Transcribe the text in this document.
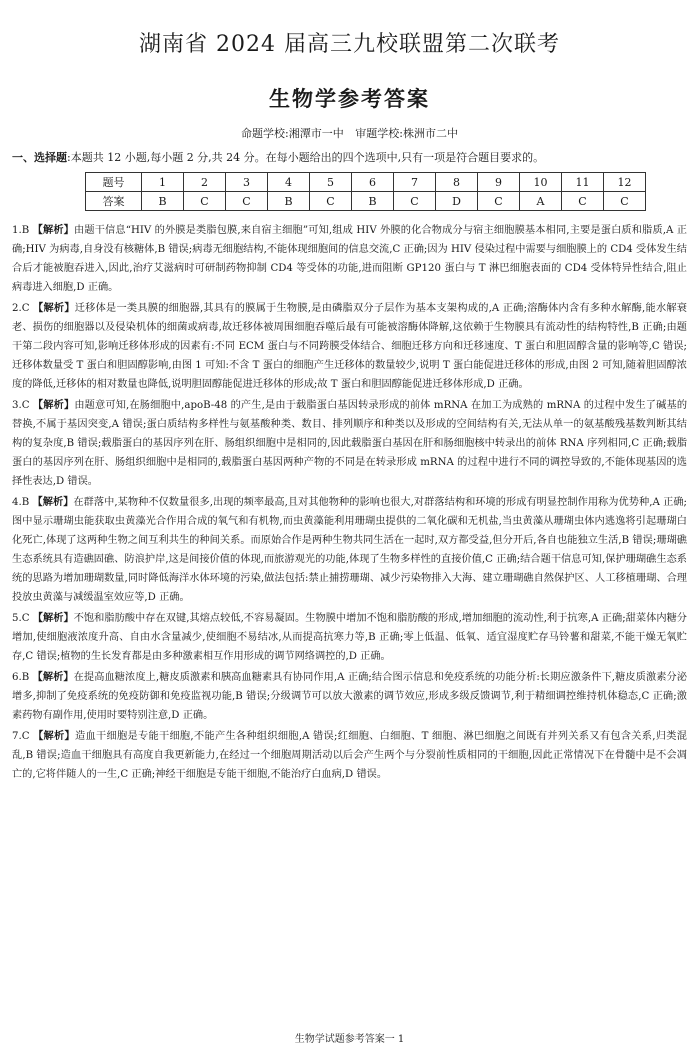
湖南省 2024 届高三九校联盟第二次联考
生物学参考答案
命题学校:湘潭市一中 审题学校:株洲市二中
一、选择题:本题共 12 小题,每小题 2 分,共 24 分。在每小题给出的四个选项中,只有一项是符合题目要求的。
题号	1	2	3	4	5	6	7	8	9	10	11	12
答案	B	C	C	B	C	B	C	D	C	A	C	C
1.B 【解析】由题干信息“HIV 的外膜是类脂包膜,来自宿主细胞”可知,组成 HIV 外膜的化合物成分与宿主细胞膜基本相同,主要是蛋白质和脂质,A 正确;HIV 为病毒,自身没有核糖体,B 错误;病毒无细胞结构,不能体现细胞间的信息交流,C 正确;因为 HIV 侵染过程中需要与细胞膜上的 CD4 受体发生结合后才能被胞吞进入,因此,治疗艾滋病时可研制药物抑制 CD4 等受体的功能,进而阻断 GP120 蛋白与 T 淋巴细胞表面的 CD4 受体特异性结合,阻止病毒进入细胞,D 正确。
2.C 【解析】迁移体是一类具膜的细胞器,其具有的膜属于生物膜,是由磷脂双分子层作为基本支架构成的,A 正确;溶酶体内含有多种水解酶,能水解衰老、损伤的细胞器以及侵染机体的细菌或病毒,故迁移体被周围细胞吞噬后最有可能被溶酶体降解,这依赖于生物膜具有流动性的结构特性,B 正确;由题干第二段内容可知,影响迁移体形成的因素有:不同 ECM 蛋白与不同跨膜受体结合、细胞迁移方向和迁移速度、T 蛋白和胆固醇含量的影响等,C 错误;迁移体数量受 T 蛋白和胆固醇影响,由图 1 可知:不含 T 蛋白的细胞产生迁移体的数量较少,说明 T 蛋白能促进迁移体的形成,由图 2 可知,随着胆固醇浓度的降低,迁移体的相对数量也降低,说明胆固醇能促进迁移体的形成;故 T 蛋白和胆固醇能促进迁移体形成,D 正确。
3.C 【解析】由题意可知,在肠细胞中,apoB-48 的产生,是由于载脂蛋白基因转录形成的前体 mRNA 在加工为成熟的 mRNA 的过程中发生了碱基的替换,不属于基因突变,A 错误;蛋白质结构多样性与氨基酸种类、数目、排列顺序和种类以及形成的空间结构有关,无法从单一的氨基酸残基数判断其结构的复杂度,B 错误;载脂蛋白的基因序列在肝、肠组织细胞中是相同的,因此载脂蛋白基因在肝和肠细胞核中转录出的前体 RNA 序列相同,C 正确;载脂蛋白的基因序列在肝、肠组织细胞中是相同的,载脂蛋白基因两种产物的不同是在转录形成 mRNA 的过程中进行不同的调控导致的,不能体现基因的选择性表达,D 错误。
4.B 【解析】在群落中,某物种不仅数量很多,出现的频率最高,且对其他物种的影响也很大,对群落结构和环境的形成有明显控制作用称为优势种,A 正确;图中显示珊瑚虫能获取虫黄藻光合作用合成的氧气和有机物,而虫黄藻能利用珊瑚虫提供的二氧化碳和无机盐,当虫黄藻从珊瑚虫体内逃逸将引起珊瑚白化死亡,体现了这两种生物之间互利共生的种间关系。而原始合作是两种生物共同生活在一起时,双方都受益,但分开后,各自也能独立生活,B 错误;珊瑚礁生态系统具有造礁固礁、防浪护岸,这是间接价值的体现,而旅游观光的功能,体现了生物多样性的直接价值,C 正确;结合题干信息可知,保护珊瑚礁生态系统的思路为增加珊瑚数量,同时降低海洋水体环境的污染,做法包括:禁止捕捞珊瑚、减少污染物排入大海、建立珊瑚礁自然保护区、人工移植珊瑚、合理投放虫黄藻与减缓温室效应等,D 正确。
5.C 【解析】不饱和脂肪酸中存在双键,其熔点较低,不容易凝固。生物膜中增加不饱和脂肪酸的形成,增加细胞的流动性,利于抗寒,A 正确;甜菜体内糖分增加,使细胞液浓度升高、自由水含量减少,使细胞不易结冰,从而提高抗寒力等,B 正确;零上低温、低氧、适宜湿度贮存马铃薯和甜菜,不能干燥无氧贮存,C 错误;植物的生长发育都是由多种激素相互作用形成的调节网络调控的,D 正确。
6.B 【解析】在提高血糖浓度上,糖皮质激素和胰高血糖素具有协同作用,A 正确;结合图示信息和免疫系统的功能分析:长期应激条件下,糖皮质激素分泌增多,抑制了免疫系统的免疫防御和免疫监视功能,B 错误;分级调节可以放大激素的调节效应,形成多级反馈调节,利于精细调控维持机体稳态,C 正确;激素药物有副作用,使用时要特别注意,D 正确。
7.C 【解析】造血干细胞是专能干细胞,不能产生各种组织细胞,A 错误;红细胞、白细胞、T 细胞、淋巴细胞之间既有并列关系又有包含关系,归类混乱,B 错误;造血干细胞具有高度自我更新能力,在经过一个细胞周期活动以后会产生两个与分裂前性质相同的干细胞,因此正常情况下在骨髓中是不会凋亡的,它将伴随人的一生,C 正确;神经干细胞是专能干细胞,不能治疗白血病,D 错误。
生物学试题参考答案一 1
